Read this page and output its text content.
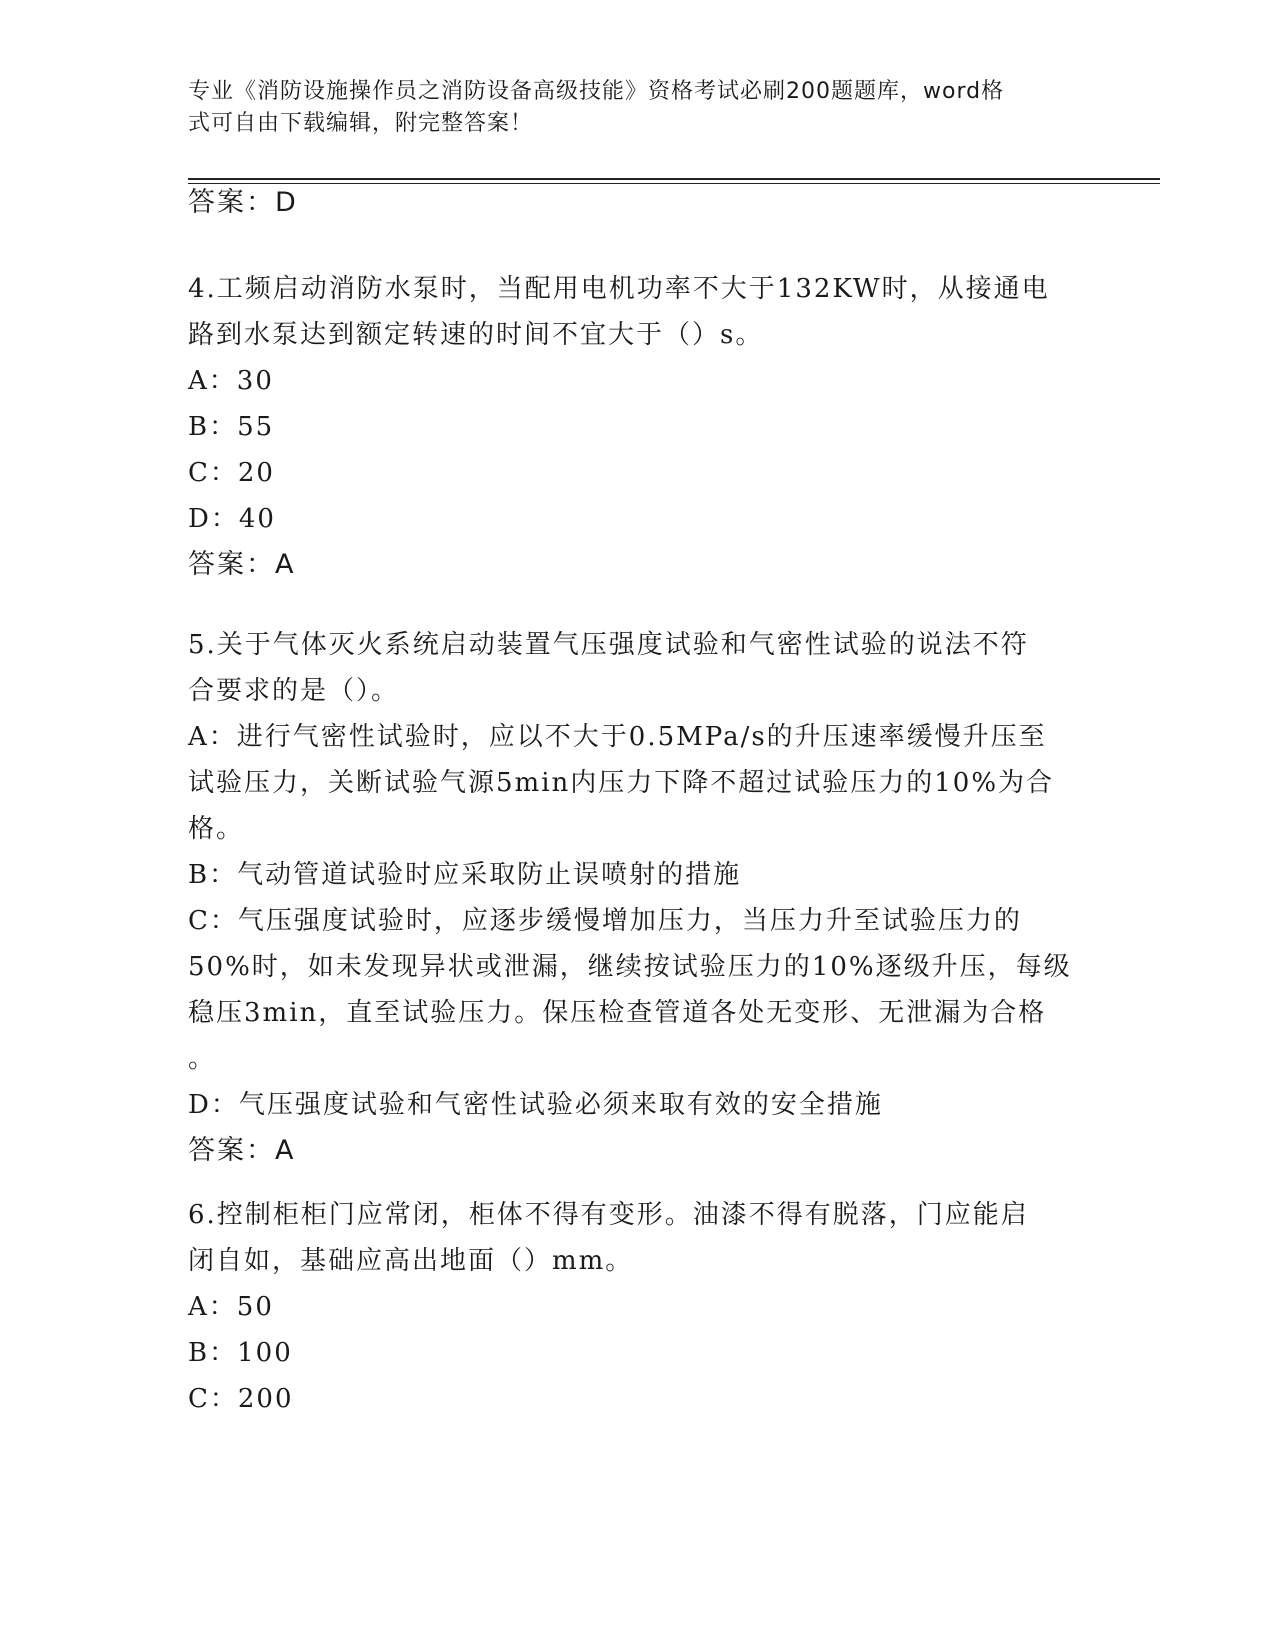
专业《消防设施操作员之消防设备高级技能》资格考试必刷200题题库，word格
式可自由下载编辑，附完整答案！
答案：D
4.工频启动消防水泵时，当配用电机功率不大于132KW时，从接通电
路到水泵达到额定转速的时间不宜大于（）s。
A：30
B：55
C：20
D：40
答案：A
5.关于气体灭火系统启动装置气压强度试验和气密性试验的说法不符
合要求的是（）。
A：进行气密性试验时，应以不大于0.5MPa/s的升压速率缓慢升压至
试验压力，关断试验气源5min内压力下降不超过试验压力的10%为合
格。
B：气动管道试验时应采取防止误喷射的措施
C：气压强度试验时，应逐步缓慢增加压力，当压力升至试验压力的
50%时，如未发现异状或泄漏，继续按试验压力的10%逐级升压，每级
稳压3min，直至试验压力。保压检查管道各处无变形、无泄漏为合格
。
D：气压强度试验和气密性试验必须来取有效的安全措施
答案：A
6.控制柜柜门应常闭，柜体不得有变形。油漆不得有脱落，门应能启
闭自如，基础应高出地面（）mm。
A：50
B：100
C：200
